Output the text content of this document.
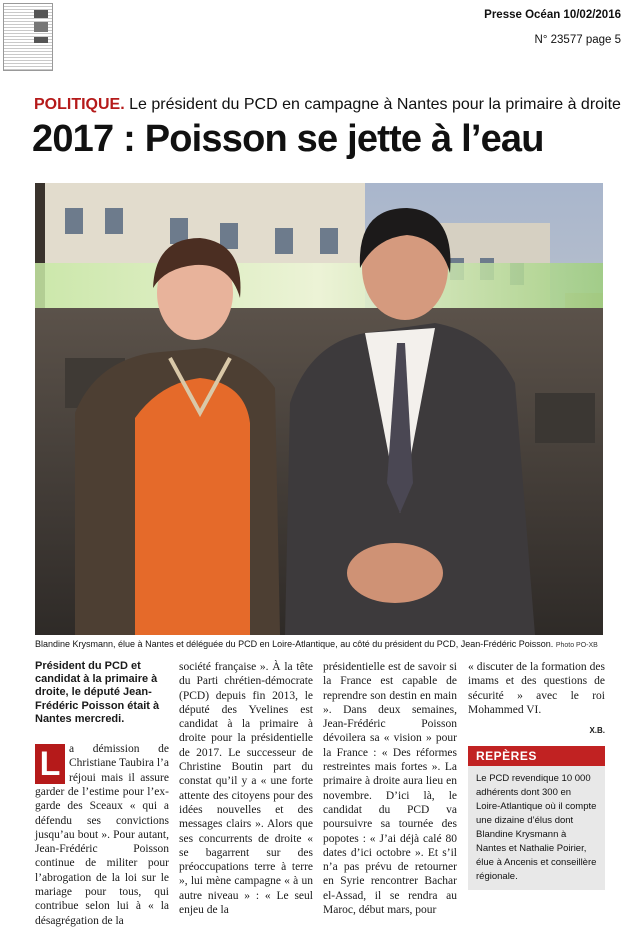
Presse Océan 10/02/2016
N° 23577 page 5
POLITIQUE. Le président du PCD en campagne à Nantes pour la primaire à droite
2017 : Poisson se jette à l’eau
Blandine Krysmann, élue à Nantes et déléguée du PCD en Loire-Atlantique, au côté du président du PCD, Jean-Frédéric Poisson. Photo PO-XB

Président du PCD et candidat à la primaire à droite, le député Jean-Frédéric Poisson était à Nantes mercredi.

L a démission de Christiane Taubira l’a réjoui mais il assure garder de l’estime pour l’ex-garde des Sceaux « qui a défendu ses convictions jusqu’au bout ». Pour autant, Jean-Frédéric Poisson continue de militer pour l’abrogation de la loi sur le mariage pour tous, qui contribue selon lui à « la désagrégation de la

société française ». À la tête du Parti chrétien-démocrate (PCD) depuis fin 2013, le député des Yvelines est candidat à la primaire à droite pour la présidentielle de 2017. Le successeur de Christine Boutin part du constat qu’il y a « une forte attente des citoyens pour des idées nouvelles et des messages clairs ». Alors que ses concurrents de droite « se bagarrent sur des préoccupations terre à terre », lui mène campagne « à un autre niveau » : « Le seul enjeu de la

présidentielle est de savoir si la France est capable de reprendre son destin en main ». Dans deux semaines, Jean-Frédéric Poisson dévoilera sa « vision » pour la France : « Des réformes restreintes mais fortes ». La primaire à droite aura lieu en novembre. D’ici là, le candidat du PCD va poursuivre sa tournée des popotes : « J’ai déjà calé 80 dates d’ici octobre ». Et s’il n’a pas prévu de retourner en Syrie rencontrer Bachar el-Assad, il se rendra au Maroc, début mars, pour

« discuter de la formation des imams et des questions de sécurité » avec le roi Mohammed VI.

X.B.

REPÈRES
Le PCD revendique 10 000 adhérents dont 300 en Loire-Atlantique où il compte une dizaine d’élus dont Blandine Krysmann à Nantes et Nathalie Poirier, élue à Ancenis et conseillère régionale.
